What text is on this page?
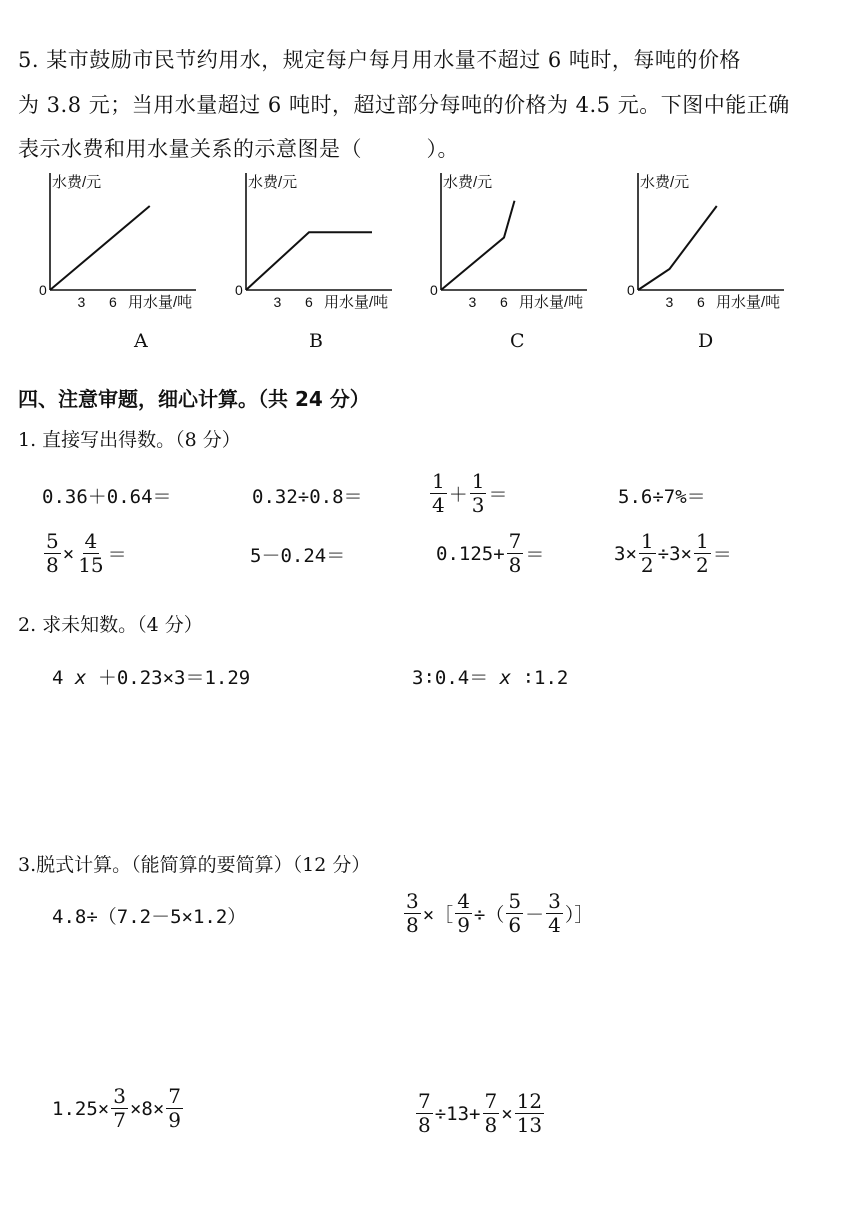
5. 某市鼓励市民节约用水，规定每户每月用水量不超过 6 吨时，每吨的价格
为 3.8 元；当用水量超过 6 吨时，超过部分每吨的价格为 4.5 元。下图中能正确
表示水费和用水量关系的示意图是（　　　）。
水费/元
0
用水量/吨
3 6
水费/元
0
用水量/吨
3 6
水费/元
0
用水量/吨
3 6
水费/元
0
用水量/吨
3 6
A	B	C	D
四、注意审题，细心计算。（共 24 分）
1. 直接写出得数。（8 分）
0.36＋0.64＝	0.32÷0.8＝	$\frac{1}{4} + \frac{1}{3}$ ＝	5.6÷7%＝
$\frac{5}{8} \times \frac{4}{15}$ ＝	5－0.24＝	$0.125+ \frac{7}{8}$ ＝	$3\times \frac{1}{2} \div 3\times \frac{1}{2}$ ＝
2. 求未知数。（4 分）
4 x ＋0.23×3＝1.29	3∶0.4＝ x ∶1.2
3.脱式计算。（能简算的要简算）（12 分）
4.8÷（7.2－5×1.2）	$\frac{3}{8}$ ×［ $\frac{4}{9}$ ÷（ $\frac{5}{6} - \frac{3}{4}$ ）］
$1.25\times \frac{3}{7} \times 8\times \frac{7}{9}$	$\frac{7}{8} \div 13+ \frac{7}{8} \times \frac{12}{13}$
